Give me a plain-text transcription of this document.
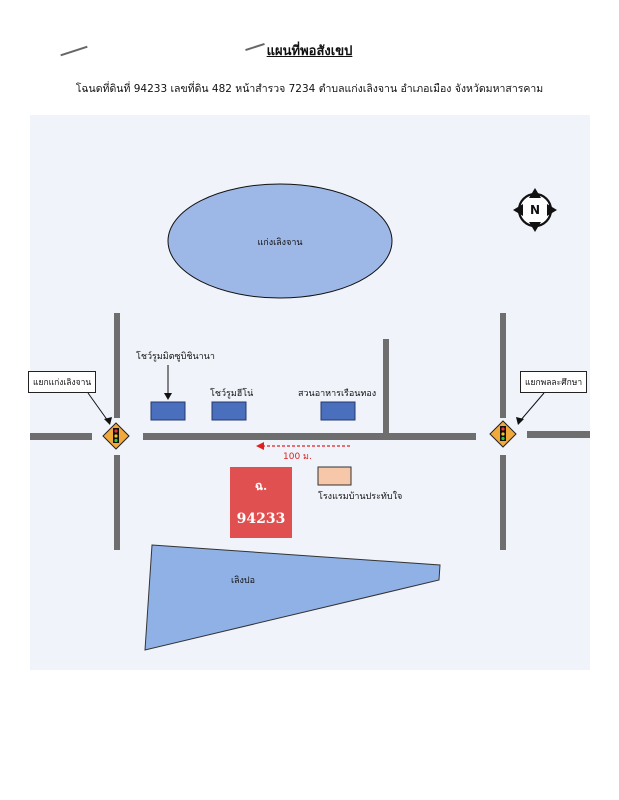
แผนที่พอสังเขป
โฉนดที่ดินที่ 94233 เลขที่ดิน 482 หน้าสำรวจ 7234 ตำบลแก่งเลิงจาน อำเภอเมือง จังหวัดมหาสารคาม
แก่งเลิงจาน
เลิงปอ
แยกแก่งเลิงจาน	แยกพลละศึกษา
โชว์รูมมิตซูบิชินานา
โชว์รูมฮีโน่	สวนอาหารเรือนทอง
โรงแรมบ้านประทับใจ
100 ม.
ฉ.
94233
N
